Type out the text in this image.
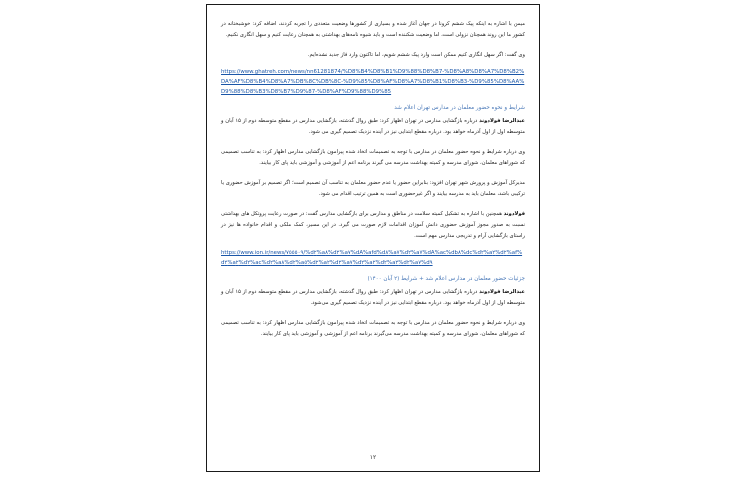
میمن با اشاره به اینکه پیک ششم کرونا در جهان آغاز شده و بسیاری از کشورها وضعیت متعددی را تجربه کردند، اضافه کرد: خوشبختانه در کشور ما این روند همچنان نزولی است، اما وضعیت شکننده است و باید شیوه نامه‌های بهداشتی به همچنان رعایت کنیم و سهل انگاری نکنیم.

وی گفت: اگر سهل انگاری کنیم ممکن است وارد پیک ششم شویم، اما تاکنون وارد فاز جدید نشده‌ایم.

https://www.ghatreh.com/news/nn61281874/%D8%B4%D8%B1%D9%88%D8%B7-%D8%A8%D8%A7%D8%B2%DA%AF%D8%B4%D8%A7%DB%8C%DB%8C-%D9%85%D8%AF%D8%A7%D8%B1%D8%B3-%D9%85%D8%AA%D9%88%D8%B3%D8%B7%D9%87-%D8%AF%D9%88%D9%85

شرایط و نحوه حضور معلمان در مدارس تهران اعلام شد

عبدالرضا فولادوند درباره بازگشایی مدارس در تهران اظهار کرد: طبق روال گذشته، بازگشایی مدارس در مقطع متوسطه دوم از ۱۵ آبان و متوسطه اول از اول آذرماه خواهد بود. درباره مقطع ابتدایی نیز در آینده نزدیک تصمیم گیری می شود.

وی درباره شرایط و نحوه حضور معلمان در مدارس با توجه به تصمیمات اتخاذ شده پیرامون بازگشایی مدارس اظهار کرد: به تناسب تصمیمی که شوراهای معلمان، شورای مدرسه و کمیته بهداشت مدرسه می گیرند برنامه اعم از آموزشی و آموزشی باید پای کار بیایند.

مدیرکل آموزش و پرورش شهر تهران افزود: بنابراین حضور یا عدم حضور معلمان به تناسب آن تصمیم است؛ اگر تصمیم بر آموزش حضوری یا ترکیبی باشد، معلمان باید به مدرسه بیایند و اگر غیرحضوری است به همین ترتیب اقدام می شود.

فولادوند همچنین با اشاره به تشکیل کمیته سلامت در مناطق و مدارس برای بازگشایی مدارس گفت: در صورت رعایت پروتکل های بهداشتی نسبت به صدور مجوز آموزش حضوری دانش آموزان اقدامات لازم صورت می گیرد. در این مسیر، کمک ملکی و اقدام خانواده ها نیز در راستای بازگشایی آرام و تدریجی مدارس مهم است.

https://www.ion.ir/news/٧٥٥٥٠٩/%d٢%a٨%d٢%a٧%dA%afd%d٨%a٧%d٢%a٧%dA%ac%db٨%dc%d٢%a٢%d٢%af%d٢%a٢%d٢%ac%d٢%a٨%d٢%a٥%d٢%a٢%d٢%a٧%d٢%a٢%d٢%a٢%d٢%a٧%d٩

جزئیات حضور معلمان در مدارس اعلام شد + شرایط (۲ آبان ۱۴۰۰)

عبدالرضا فولادوند درباره بازگشایی مدارس در تهران اظهار کرد: طبق روال گذشته، بازگشایی مدارس در مقطع متوسطه دوم از ۱۵ آبان و متوسطه اول از اول آذرماه خواهد بود. درباره مقطع ابتدایی نیز در آینده نزدیک تصمیم گیری می‌شود.

وی درباره شرایط و نحوه حضور معلمان در مدارس با توجه به تصمیمات اتخاذ شده پیرامون بازگشایی مدارس اظهار کرد: به تناسب تصمیمی که شوراهای معلمان، شورای مدرسه و کمیته بهداشت مدرسه می‌گیرند برنامه اعم از آموزشی و آموزشی باید پای کار بیایند.

۱۲
